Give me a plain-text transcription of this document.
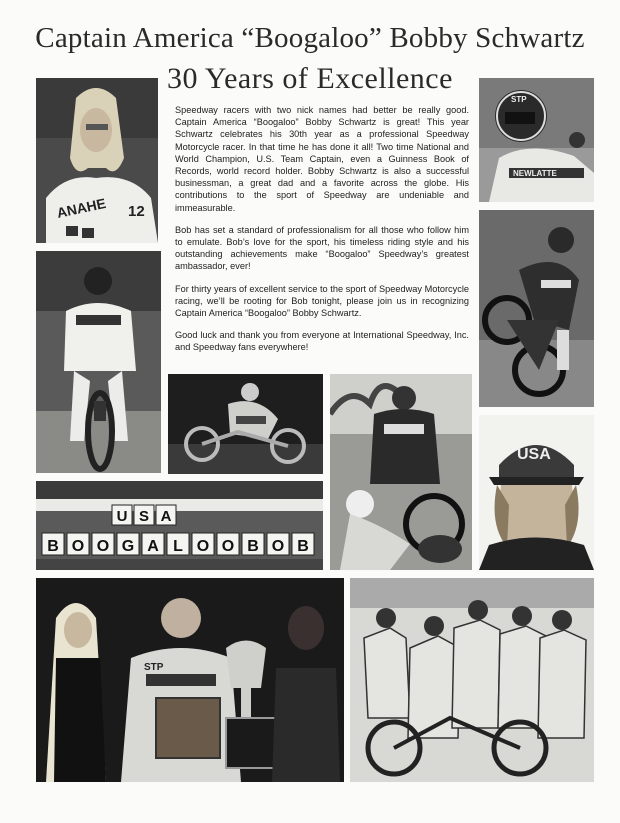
Captain America “Boogaloo” Bobby Schwartz
30 Years of Excellence
ANAHE 12
STP
NEWLATTE
USA
U S A
B O O G A L O O B O B
STP

Speedway racers with two nick names had better be really good. Captain America “Boogaloo” Bobby Schwartz is great! This year Schwartz celebrates his 30th year as a professional Speedway Motorcycle racer. In that time he has done it all! Two time National and World Champion, U.S. Team Captain, even a Guinness Book of Records, world record holder. Bobby Schwartz is also a successful businessman, a great dad and a favorite across the globe. His contributions to the sport of Speedway are undeniable and immeasurable.

Bob has set a standard of professionalism for all those who follow him to emulate. Bob’s love for the sport, his timeless riding style and his outstanding achievements make “Boogaloo” Speedway’s greatest ambassador, ever!

For thirty years of excellent service to the sport of Speedway Motorcycle racing, we’ll be rooting for Bob tonight, please join us in recognizing Captain America “Boogaloo” Bobby Schwartz.

Good luck and thank you from everyone at International Speedway, Inc. and Speedway fans everywhere!
